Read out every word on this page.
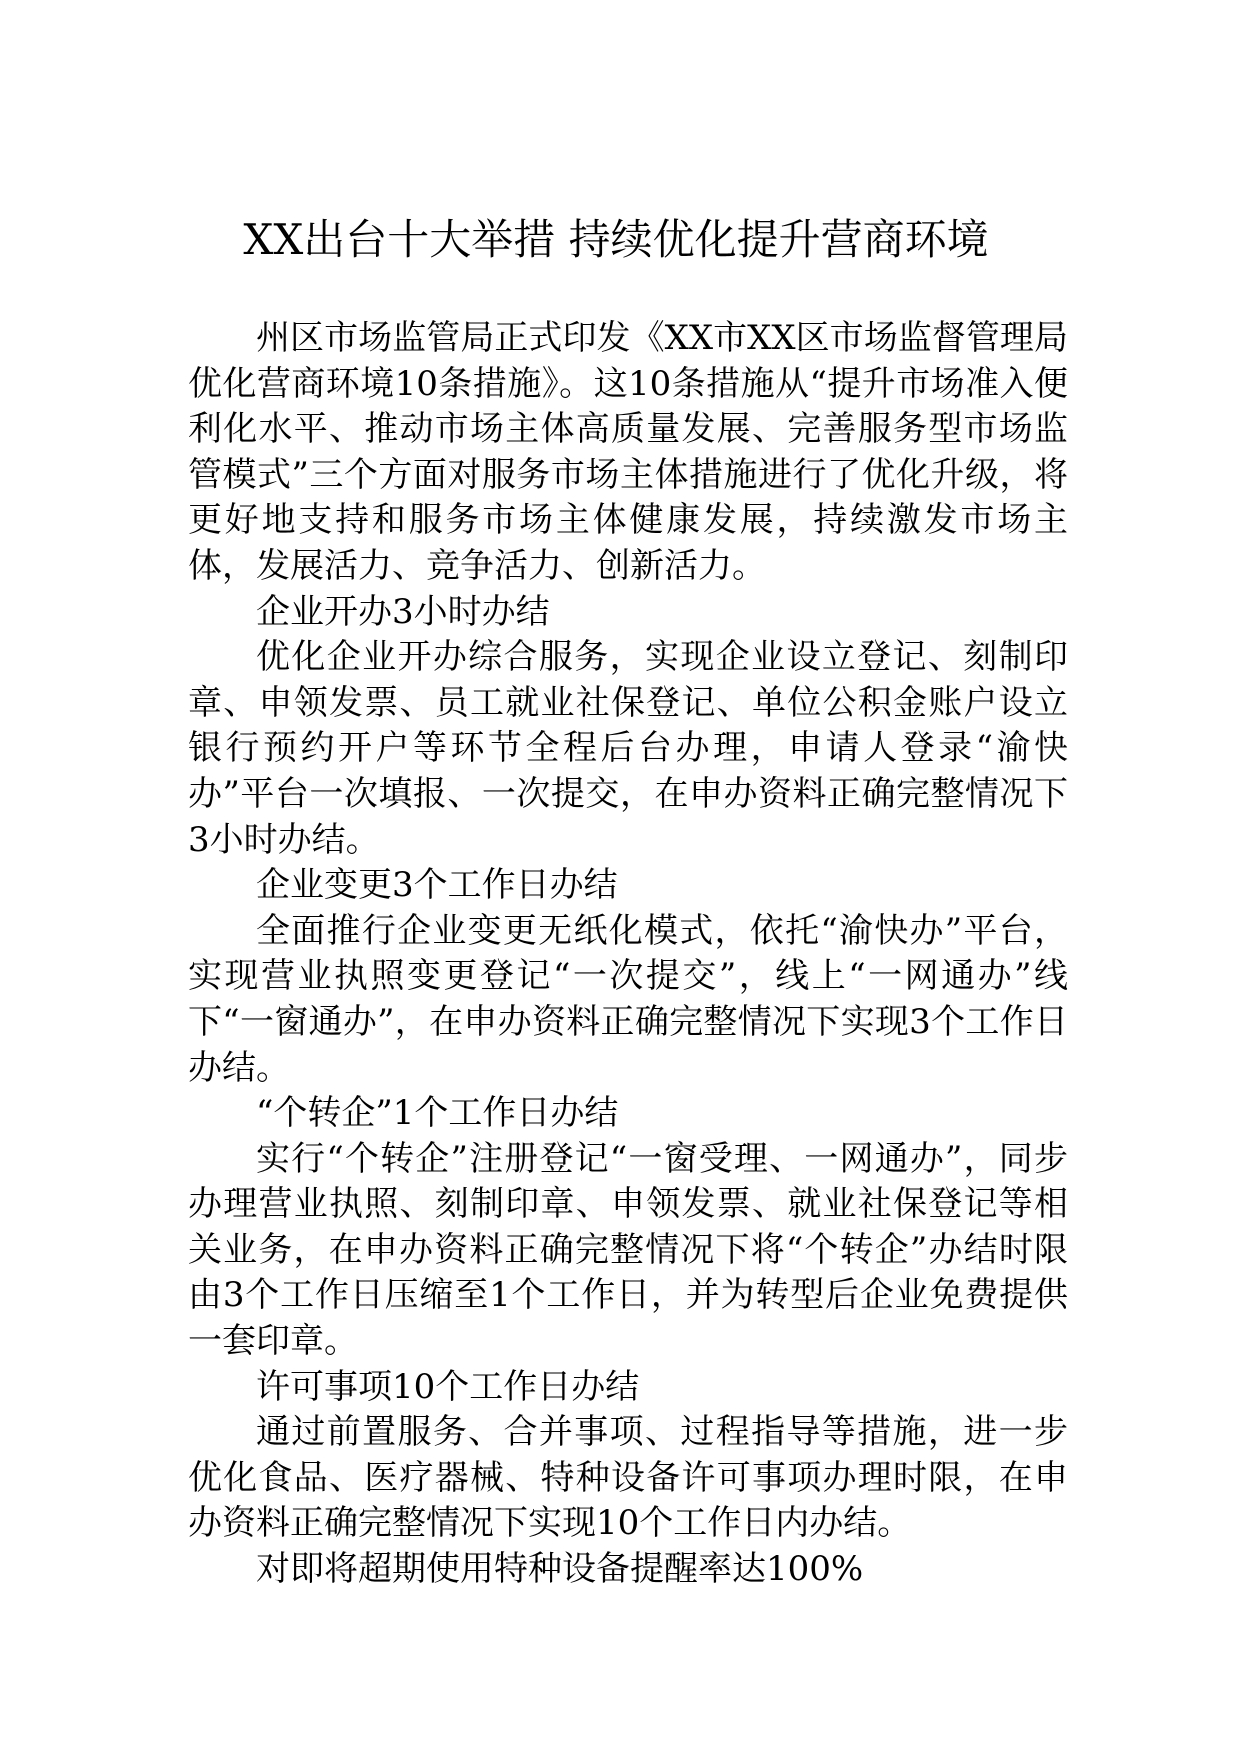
XX出台十大举措 持续优化提升营商环境

州区市场监管局正式印发《XX市XX区市场监督管理局优化营商环境10条措施》。这10条措施从“提升市场准入便利化水平、推动市场主体高质量发展、完善服务型市场监管模式”三个方面对服务市场主体措施进行了优化升级，将更好地支持和服务市场主体健康发展，持续激发市场主体，发展活力、竞争活力、创新活力。

企业开办3小时办结

优化企业开办综合服务，实现企业设立登记、刻制印章、申领发票、员工就业社保登记、单位公积金账户设立银行预约开户等环节全程后台办理，申请人登录“渝快办”平台一次填报、一次提交，在申办资料正确完整情况下3小时办结。

企业变更3个工作日办结

全面推行企业变更无纸化模式，依托“渝快办”平台，实现营业执照变更登记“一次提交”，线上“一网通办”线下“一窗通办”，在申办资料正确完整情况下实现3个工作日办结。

“个转企”1个工作日办结

实行“个转企”注册登记“一窗受理、一网通办”，同步办理营业执照、刻制印章、申领发票、就业社保登记等相关业务，在申办资料正确完整情况下将“个转企”办结时限由3个工作日压缩至1个工作日，并为转型后企业免费提供一套印章。

许可事项10个工作日办结

通过前置服务、合并事项、过程指导等措施，进一步优化食品、医疗器械、特种设备许可事项办理时限，在申办资料正确完整情况下实现10个工作日内办结。

对即将超期使用特种设备提醒率达100%
